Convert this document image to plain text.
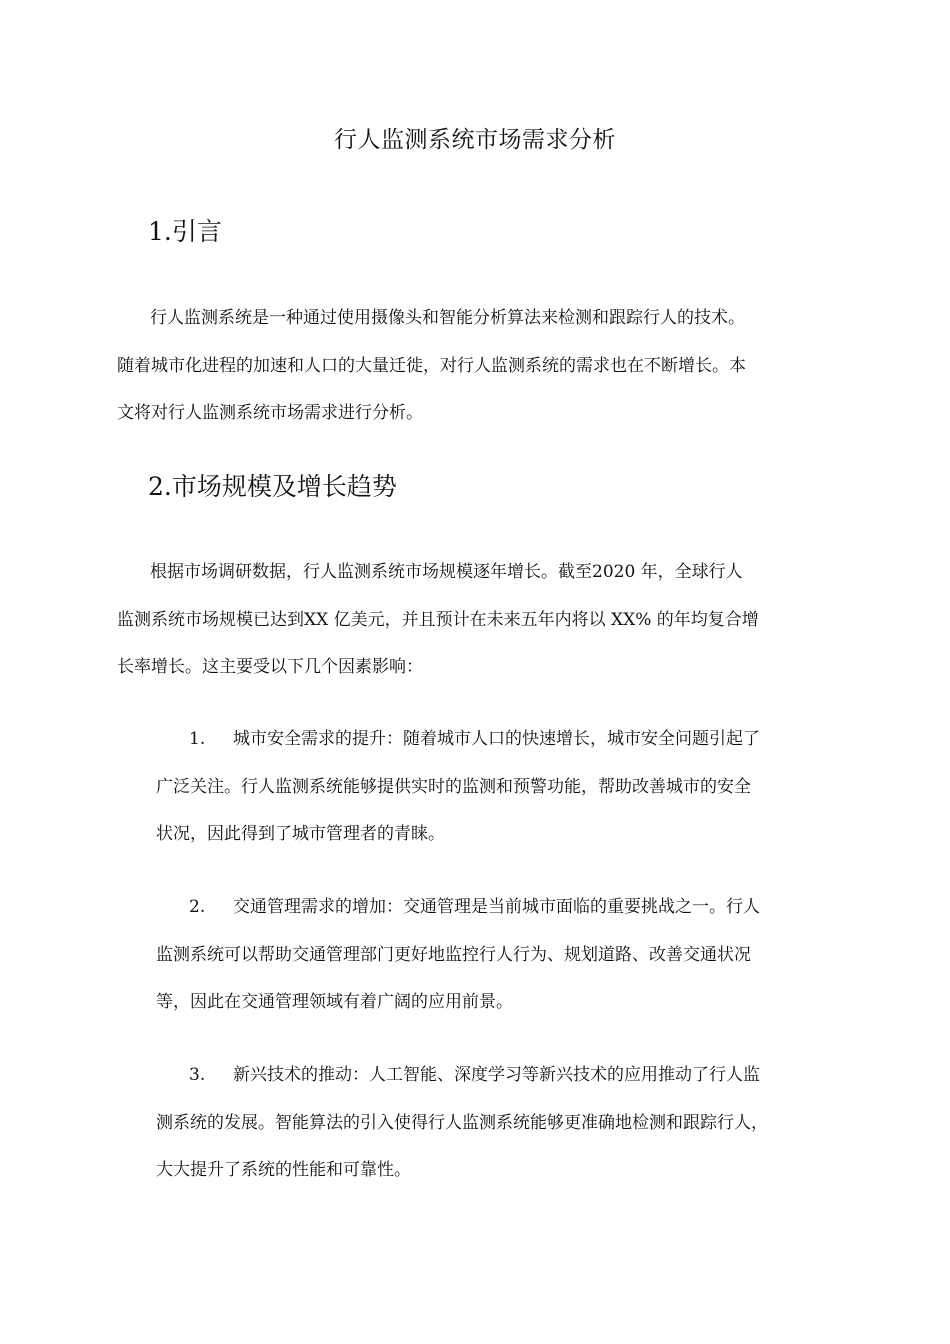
行人监测系统市场需求分析
1.引言
行人监测系统是一种通过使用摄像头和智能分析算法来检测和跟踪行人的技术。
随着城市化进程的加速和人口的大量迁徙，对行人监测系统的需求也在不断增长。本
文将对行人监测系统市场需求进行分析。
2.市场规模及增长趋势
根据市场调研数据，行人监测系统市场规模逐年增长。截至2020 年，全球行人
监测系统市场规模已达到XX 亿美元，并且预计在未来五年内将以 XX% 的年均复合增
长率增长。这主要受以下几个因素影响：
1. 城市安全需求的提升：随着城市人口的快速增长，城市安全问题引起了
广泛关注。行人监测系统能够提供实时的监测和预警功能，帮助改善城市的安全
状况，因此得到了城市管理者的青睐。
2. 交通管理需求的增加：交通管理是当前城市面临的重要挑战之一。行人
监测系统可以帮助交通管理部门更好地监控行人行为、规划道路、改善交通状况
等，因此在交通管理领域有着广阔的应用前景。
3. 新兴技术的推动：人工智能、深度学习等新兴技术的应用推动了行人监
测系统的发展。智能算法的引入使得行人监测系统能够更准确地检测和跟踪行人，
大大提升了系统的性能和可靠性。
